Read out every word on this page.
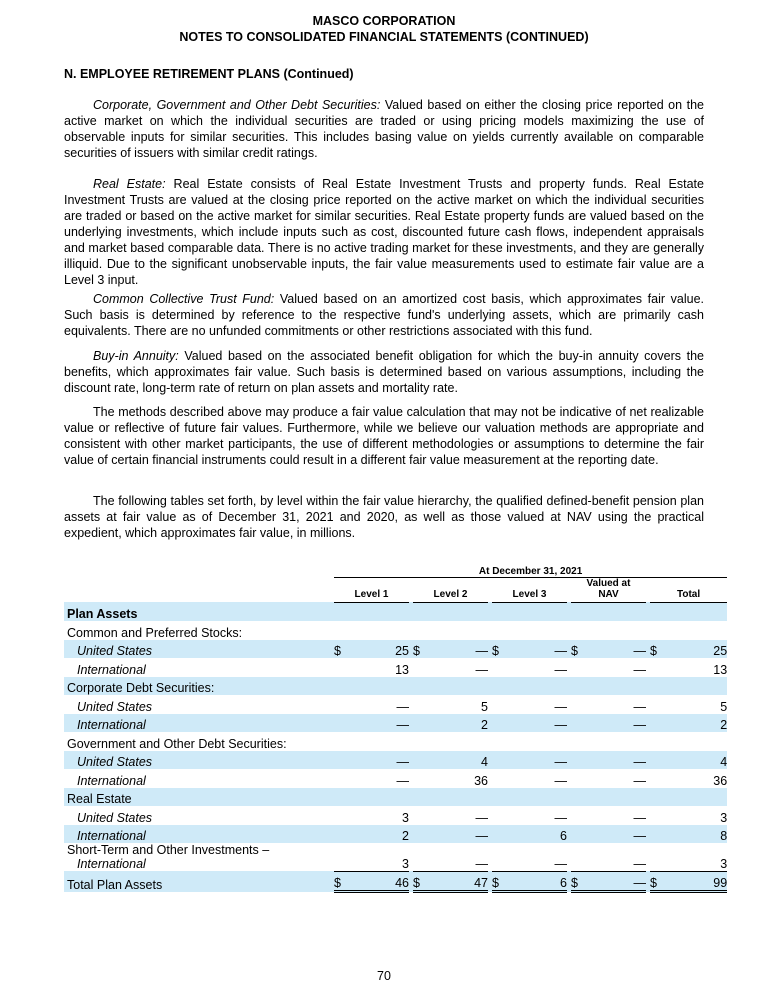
MASCO CORPORATION
NOTES TO CONSOLIDATED FINANCIAL STATEMENTS (CONTINUED)
N. EMPLOYEE RETIREMENT PLANS (Continued)

Corporate, Government and Other Debt Securities: Valued based on either the closing price reported on the active market on which the individual securities are traded or using pricing models maximizing the use of observable inputs for similar securities. This includes basing value on yields currently available on comparable securities of issuers with similar credit ratings.

Real Estate: Real Estate consists of Real Estate Investment Trusts and property funds. Real Estate Investment Trusts are valued at the closing price reported on the active market on which the individual securities are traded or based on the active market for similar securities. Real Estate property funds are valued based on the underlying investments, which include inputs such as cost, discounted future cash flows, independent appraisals and market based comparable data. There is no active trading market for these investments, and they are generally illiquid. Due to the significant unobservable inputs, the fair value measurements used to estimate fair value are a Level 3 input.

Common Collective Trust Fund: Valued based on an amortized cost basis, which approximates fair value. Such basis is determined by reference to the respective fund's underlying assets, which are primarily cash equivalents. There are no unfunded commitments or other restrictions associated with this fund.

Buy-in Annuity: Valued based on the associated benefit obligation for which the buy-in annuity covers the benefits, which approximates fair value. Such basis is determined based on various assumptions, including the discount rate, long-term rate of return on plan assets and mortality rate.

The methods described above may produce a fair value calculation that may not be indicative of net realizable value or reflective of future fair values. Furthermore, while we believe our valuation methods are appropriate and consistent with other market participants, the use of different methodologies or assumptions to determine the fair value of certain financial instruments could result in a different fair value measurement at the reporting date.

The following tables set forth, by level within the fair value hierarchy, the qualified defined-benefit pension plan assets at fair value as of December 31, 2021 and 2020, as well as those valued at NAV using the practical expedient, which approximates fair value, in millions.

	At December 31, 2021													

	Level 1			Level 2			Level 3			Valued at
NAV			Total	

Plan Assets														
Common and Preferred Stocks:														
United States	$	25		$	—		$	—		$	—		$	25
International		13			—			—			—			13
Corporate Debt Securities:														
United States		—			5			—			—			5
International		—			2			—			—			2
Government and Other Debt Securities:														
United States		—			4			—			—			4
International		—			36			—			—			36
Real Estate														
United States		3			—			—			—			3
International		2			—			6			—			8

Short-Term and Other Investments –
International		3			—			—			—			3
Total Plan Assets	$	46		$	47		$	6		$	—		$	99
70
